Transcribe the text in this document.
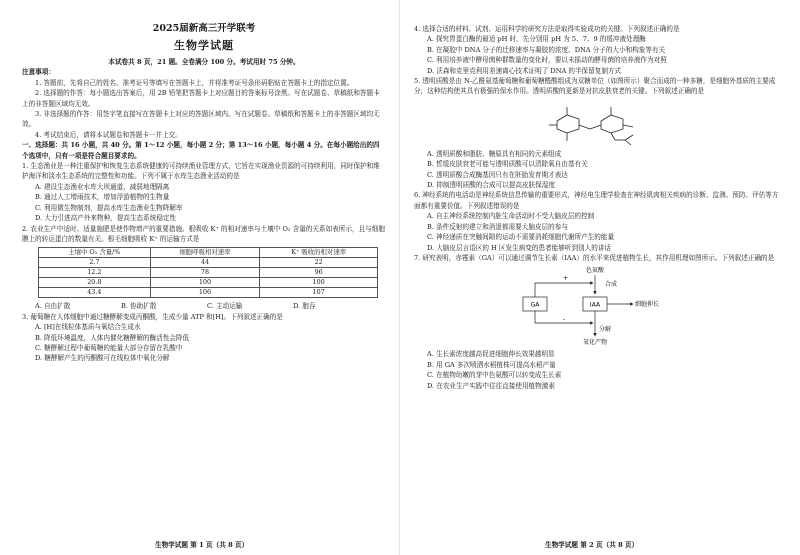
2025届新高三开学联考
生物学试题

本试卷共 8 页，21 题。全卷满分 100 分。考试用时 75 分钟。

注意事项：

1. 答题前，先将自己的姓名、准考证号等填写在答题卡上，并将准考证号条形码粘贴在答题卡上的指定位置。

2. 选择题的作答：每小题选出答案后，用 2B 铅笔把答题卡上对应题目的答案标号涂黑。写在试题卷、草稿纸和答题卡上的非答题区域均无效。

3. 非选择题的作答：用签字笔直接写在答题卡上对应的答题区域内。写在试题卷、草稿纸和答题卡上的非答题区域均无效。

4. 考试结束后，请将本试题卷和答题卡一并上交。

一、选择题：共 16 小题，共 40 分。第 1～12 小题，每小题 2 分；第 13～16 小题，每小题 4 分。在每小题给出的四个选项中，只有一项是符合题目要求的。

1. 生态渔业是一种注重保护和恢复生态系统健康的可持续渔业管理方式，它旨在实现渔业资源的可持续利用，同时保护和维护海洋和淡水生态系统的完整性和功能。下列不属于水库生态渔业活动的是

A. 建设生态渔业水库大坝通道，减弱地理隔离

B. 通过人工增雨技术，增加浮游植物的生物量

C. 利用微生物制剂，提高水库生态渔业生物降解率

D. 大力引进高产外来物种，提高生态系统稳定性

2. 农业生产中适时、适量施肥是使作物增产的重要措施。根吸收 K⁺ 的相对速率与土壤中 O₂ 含量的关系如表所示，且与细胞膜上的转运蛋白的数量有关。根毛细胞吸收 K⁺ 的运输方式是

土壤中 O₂ 含量/%	细胞呼吸相对速率	K⁺ 吸收的相对速率
2.7	44	22
12.2	78	96
20.8	100	100
43.4	106	107
A. 自由扩散	B. 协助扩散	C. 主动运输	D. 胞吞

3. 葡萄糖在人体细胞中通过糖酵解变成丙酮酸，生成少量 ATP 和[H]。下列叙述正确的是

A. [H]在线粒体基质与氧结合生成水

B. 降低环境温度，人体内催化糖酵解的酶活性会降低

C. 糖酵解过程中葡萄糖的能量大部分存留在乳酸中

D. 糖酵解产生的丙酮酸可在线粒体中氧化分解

生物学试题 第 1 页（共 8 页）

4. 选择合适的材料、试剂、运用科学的研究方法是取得实验成功的关键。下列叙述正确的是

A. 探究胃蛋白酶的最适 pH 时，先分别用 pH 为 5、7、9 的缓冲液处理酶

B. 在凝胶中 DNA 分子的迁移速率与凝胶的浓度、DNA 分子的大小和构象等有关

C. 利用培养液中酵母菌种群数量的变化时，要以未摇动的酵母菌的培养液作为对照

D. 沃森和克里克利用差速离心技术证明了 DNA 的半保留复制方式

5. 透明质酸是由 N-乙酰氨基葡萄糖和葡萄糖醛酸组成为双糖单位（如图所示）聚合而成的一种多糖，是细胞外基质的主要成分，这种结构使其具有极强的保水作用。透明质酸的更新是对抗皮肤衰老的关键。下列叙述正确的是

A. 透明质酸和脂肪、糖原具有相同的元素组成

B. 皙缓皮肤衰老可能与透明质酸可以清除氧自由基有关

C. 透明质酸合成酶基因只有在胚胎发育期才表达

D. 抑制透明质酸的合成可以提高皮肤保湿度

6. 神经系统的电活动是神经系统信息传输的重要形式，神经电生理学检查在神经肌肉相关疾病的诊断、监测、预防、评估等方面都有重要价值。下列叙述错误的是

A. 自主神经系统控制内脏生命活动时不受大脑皮层的控制

B. 条件反射的建立和消退都需要大脑皮层的参与

C. 神经递质在突触间隙的运动不需要消耗细胞代谢所产生的能量

D. 大脑皮层言语区的 H 区发生病变的患者能够听到别人的讲话

7. 研究表明，赤霉素（GA）可以通过调节生长素（IAA）的水平来促进植物生长，其作用机理如图所示。下列叙述正确的是

色氨酸
合成
GA	IAA	细胞伸长
+
-
分解
氧化产物

A. 生长素浓度越高促进细胞伸长效果越明显

B. 用 GA 多次喷洒水稻植株可提高水稻产量

C. 在植物幼嫩的芽中色氨酸可以转变成生长素

D. 在农业生产实践中往往直接使用植物激素

生物学试题 第 2 页（共 8 页）
